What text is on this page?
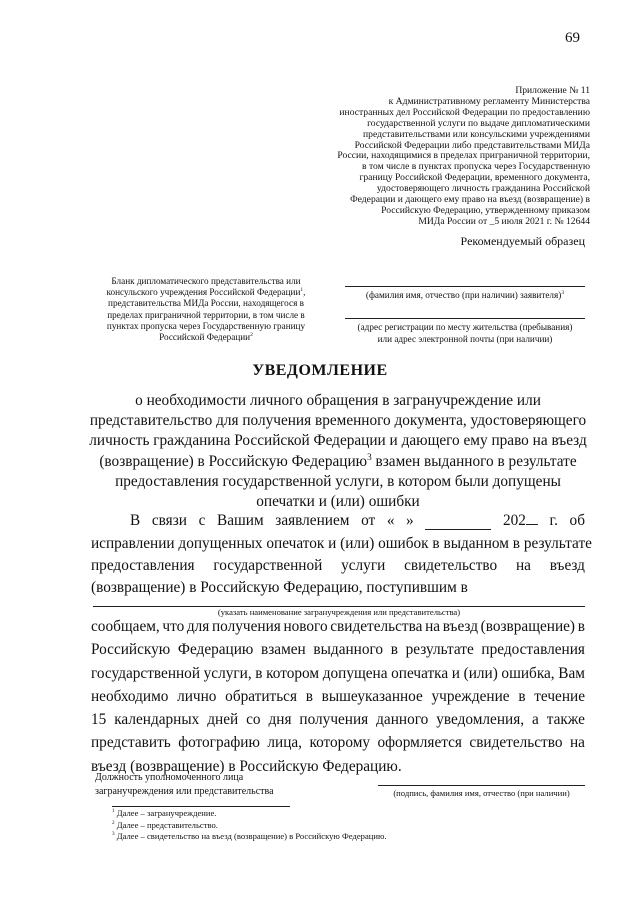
69
Приложение № 11
к Административному регламенту Министерства
иностранных дел Российской Федерации по предоставлению
государственной услуги по выдаче дипломатическими
представительствами или консульскими учреждениями
Российской Федерации либо представительствами МИДа
России, находящимися в пределах приграничной территории,
в том числе в пунктах пропуска через Государственную
границу Российской Федерации, временного документа,
удостоверяющего личность гражданина Российской
Федерации и дающего ему право на въезд (возвращение) в
Российскую Федерацию, утвержденному приказом
МИДа России от _5 июля 2021 г. № 12644
Рекомендуемый образец
Бланк дипломатического представительства или
консульского учреждения Российской Федерации$^1$,
представительства МИДа России, находящегося в
пределах приграничной территории, в том числе в
пунктах пропуска через Государственную границу
Российской Федерации$^2$
(фамилия имя, отчество (при наличии) заявителя)$^3$
(адрес регистрации по месту жительства (пребывания)
или адрес электронной почты (при наличии)
УВЕДОМЛЕНИЕ
о необходимости личного обращения в загранучреждение или
представительство для получения временного документа, удостоверяющего
личность гражданина Российской Федерации и дающего ему право на въезд
(возвращение) в Российскую Федерацию$^3$ взамен выданного в результате
предоставления государственной услуги, в котором были допущены
опечатки и (или) ошибки
В связи с Вашим заявлением от « »	202	г. об
исправлении допущенных опечаток и (или) ошибок в выданном в результате
предоставления государственной услуги свидетельство на въезд
(возвращение) в Российскую Федерацию, поступившим в
(указать наименование загранучреждения или представительства)
сообщаем, что для получения нового свидетельства на въезд (возвращение) в
Российскую Федерацию взамен выданного в результате предоставления
государственной услуги, в котором допущена опечатка и (или) ошибка, Вам
необходимо лично обратиться в вышеуказанное учреждение в течение
15 календарных дней со дня получения данного уведомления, а также
представить фотографию лица, которому оформляется свидетельство на
въезд (возвращение) в Российскую Федерацию.
Должность уполномоченного лица
загранучреждения или представительства	(подпись, фамилия имя, отчество (при наличии)
$^1$ Далее – загранучреждение.
$^2$ Далее – представительство.
$^3$ Далее – свидетельство на въезд (возвращение) в Российскую Федерацию.
